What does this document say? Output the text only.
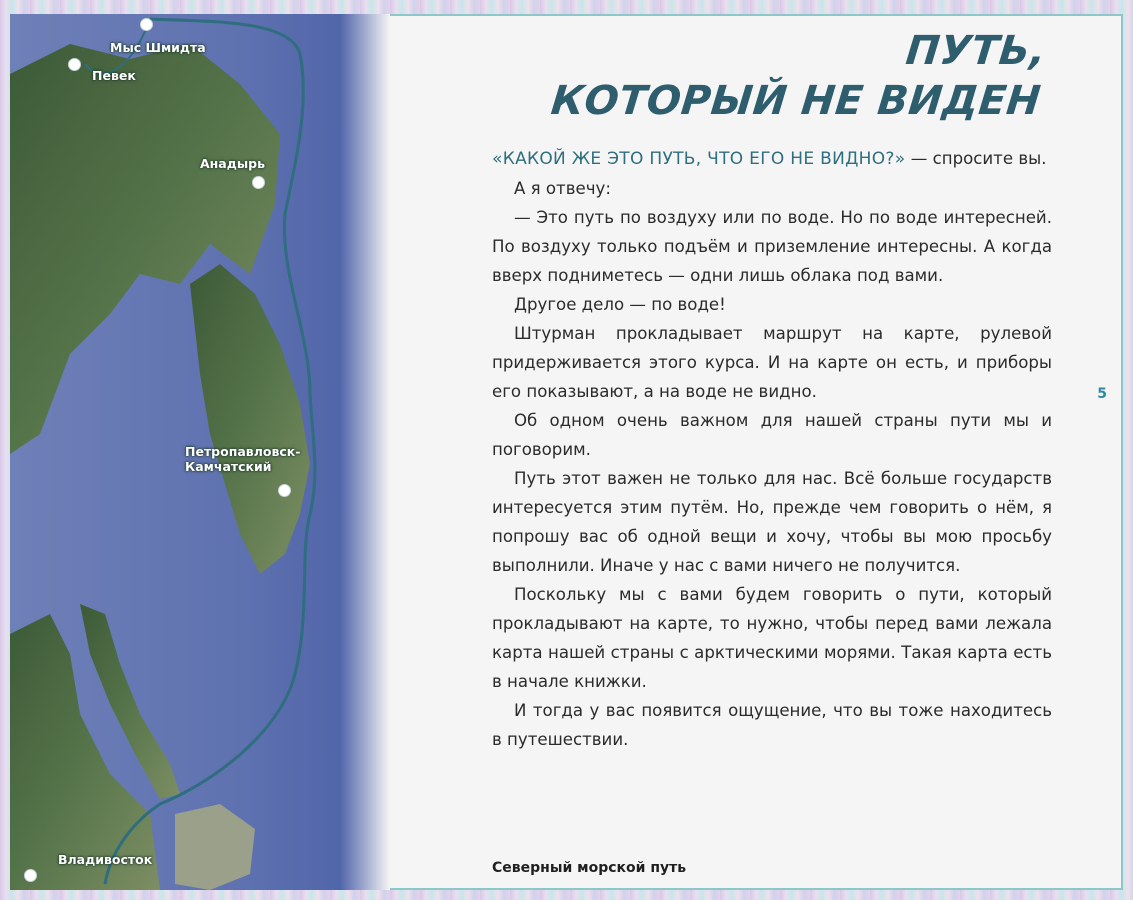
Мыс Шмидта
Певек
Анадырь
Петропавловск-
Камчатский
Владивосток
ПУТЬ,
КОТОРЫЙ НЕ ВИДЕН

«КАКОЙ ЖЕ ЭТО ПУТЬ, ЧТО ЕГО НЕ ВИДНО?» — спросите вы.

А я отвечу:

— Это путь по воздуху или по воде. Но по воде интересней. По воздуху только подъём и приземление интересны. А когда вверх подниметесь — одни лишь облака под вами.

Другое дело — по воде!

Штурман прокладывает маршрут на карте, рулевой придерживается этого курса. И на карте он есть, и приборы его показывают, а на воде не видно.

Об одном очень важном для нашей страны пути мы и поговорим.

Путь этот важен не только для нас. Всё больше государств интересуется этим путём. Но, прежде чем говорить о нём, я попрошу вас об одной вещи и хочу, чтобы вы мою просьбу выполнили. Иначе у нас с вами ничего не получится.

Поскольку мы с вами будем говорить о пути, который прокладывают на карте, то нужно, чтобы перед вами лежала карта нашей страны с арктическими морями. Такая карта есть в начале книжки.

И тогда у вас появится ощущение, что вы тоже находитесь в путешествии.

5
Северный морской путь
